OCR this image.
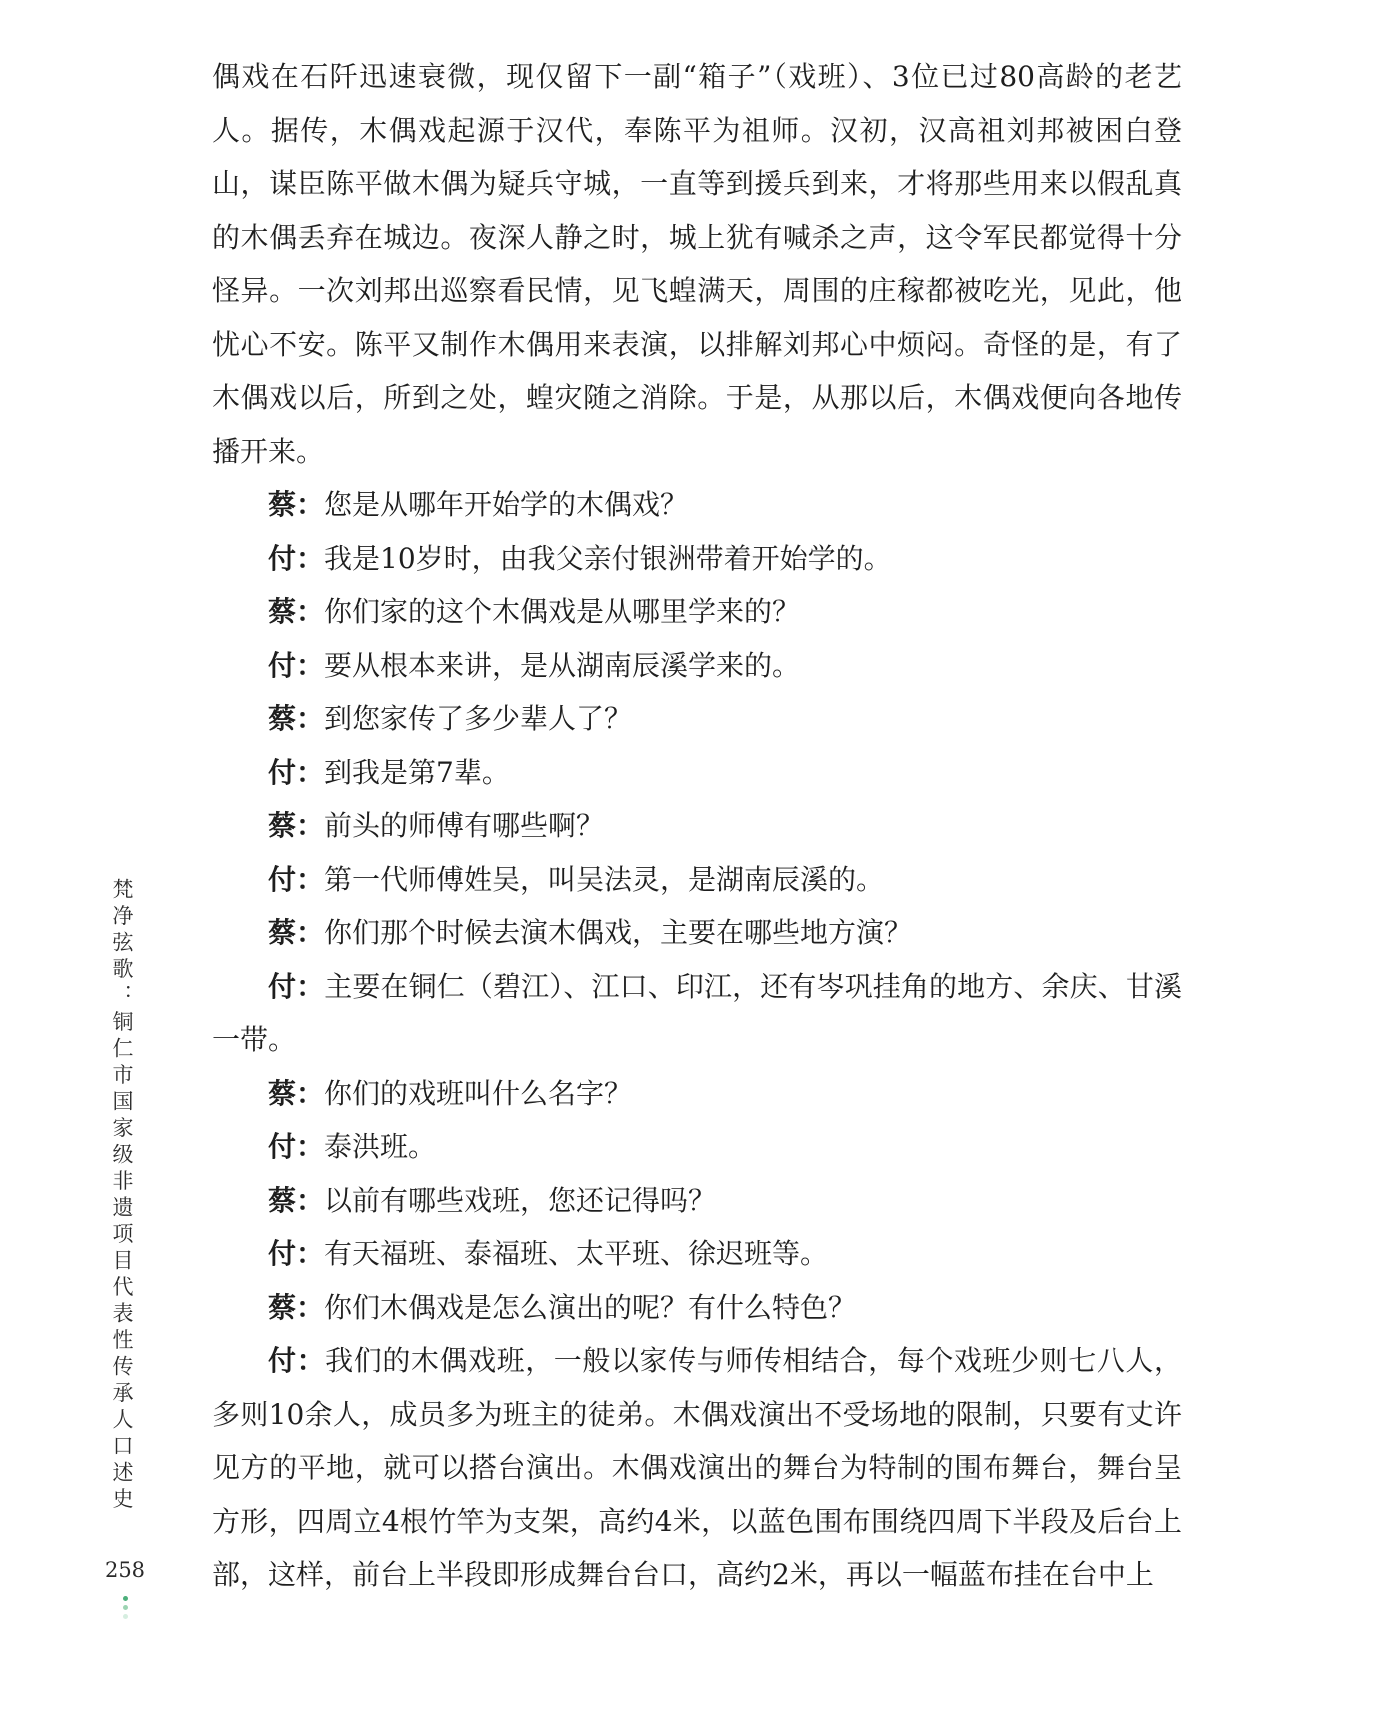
偶戏在石阡迅速衰微，现仅留下一副“箱子”（戏班）、3位已过80高龄的老艺人。据传，木偶戏起源于汉代，奉陈平为祖师。汉初，汉高祖刘邦被困白登山，谋臣陈平做木偶为疑兵守城，一直等到援兵到来，才将那些用来以假乱真的木偶丢弃在城边。夜深人静之时，城上犹有喊杀之声，这令军民都觉得十分怪异。一次刘邦出巡察看民情，见飞蝗满天，周围的庄稼都被吃光，见此，他忧心不安。陈平又制作木偶用来表演，以排解刘邦心中烦闷。奇怪的是，有了木偶戏以后，所到之处，蝗灾随之消除。于是，从那以后，木偶戏便向各地传播开来。

蔡：您是从哪年开始学的木偶戏？

付：我是10岁时，由我父亲付银洲带着开始学的。

蔡：你们家的这个木偶戏是从哪里学来的？

付：要从根本来讲，是从湖南辰溪学来的。

蔡：到您家传了多少辈人了？

付：到我是第7辈。

蔡：前头的师傅有哪些啊？

付：第一代师傅姓吴，叫吴法灵，是湖南辰溪的。

蔡：你们那个时候去演木偶戏，主要在哪些地方演？

付：主要在铜仁（碧江）、江口、印江，还有岑巩挂角的地方、余庆、甘溪一带。

蔡：你们的戏班叫什么名字？

付：泰洪班。

蔡：以前有哪些戏班，您还记得吗？

付：有天福班、泰福班、太平班、徐迟班等。

蔡：你们木偶戏是怎么演出的呢？有什么特色？

付：我们的木偶戏班，一般以家传与师传相结合，每个戏班少则七八人，多则10余人，成员多为班主的徒弟。木偶戏演出不受场地的限制，只要有丈许见方的平地，就可以搭台演出。木偶戏演出的舞台为特制的围布舞台，舞台呈方形，四周立4根竹竿为支架，高约4米，以蓝色围布围绕四周下半段及后台上部，这样，前台上半段即形成舞台台口，高约2米，再以一幅蓝布挂在台中上

梵净弦歌：铜仁市国家级非遗项目代表性传承人口述史
258
